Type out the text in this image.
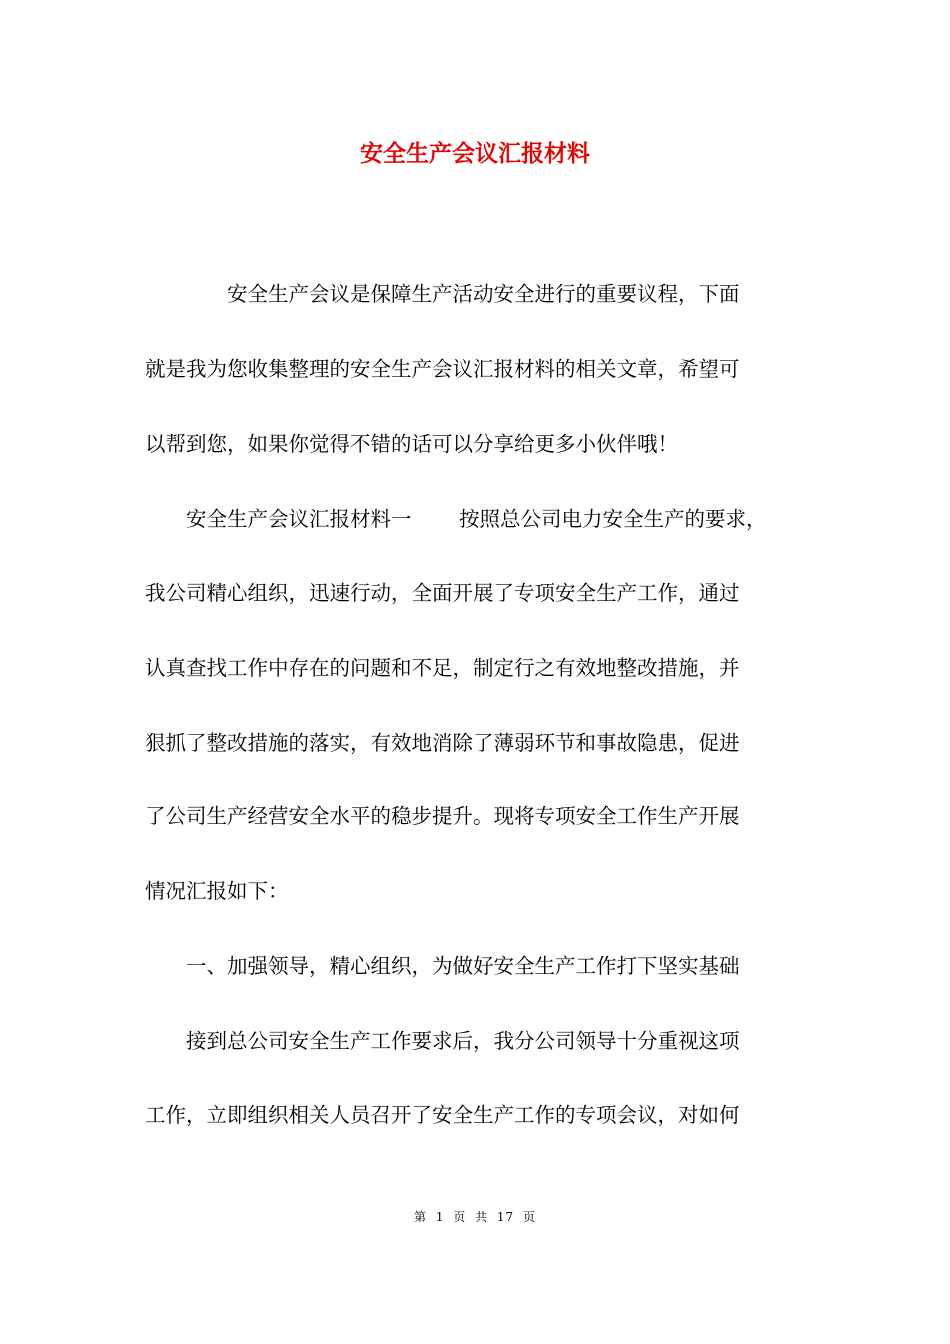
安全生产会议汇报材料
　　　　安全生产会议是保障生产活动安全进行的重要议程，下面
就是我为您收集整理的安全生产会议汇报材料的相关文章，希望可
以帮到您，如果你觉得不错的话可以分享给更多小伙伴哦！
　　安全生产会议汇报材料一　　 按照总公司电力安全生产的要求，
我公司精心组织，迅速行动，全面开展了专项安全生产工作，通过
认真查找工作中存在的问题和不足，制定行之有效地整改措施，并
狠抓了整改措施的落实，有效地消除了薄弱环节和事故隐患，促进
了公司生产经营安全水平的稳步提升。现将专项安全工作生产开展
情况汇报如下：
　　一、加强领导，精心组织，为做好安全生产工作打下坚实基础
　　接到总公司安全生产工作要求后，我分公司领导十分重视这项
工作，立即组织相关人员召开了安全生产工作的专项会议，对如何
第 1 页 共 17 页
